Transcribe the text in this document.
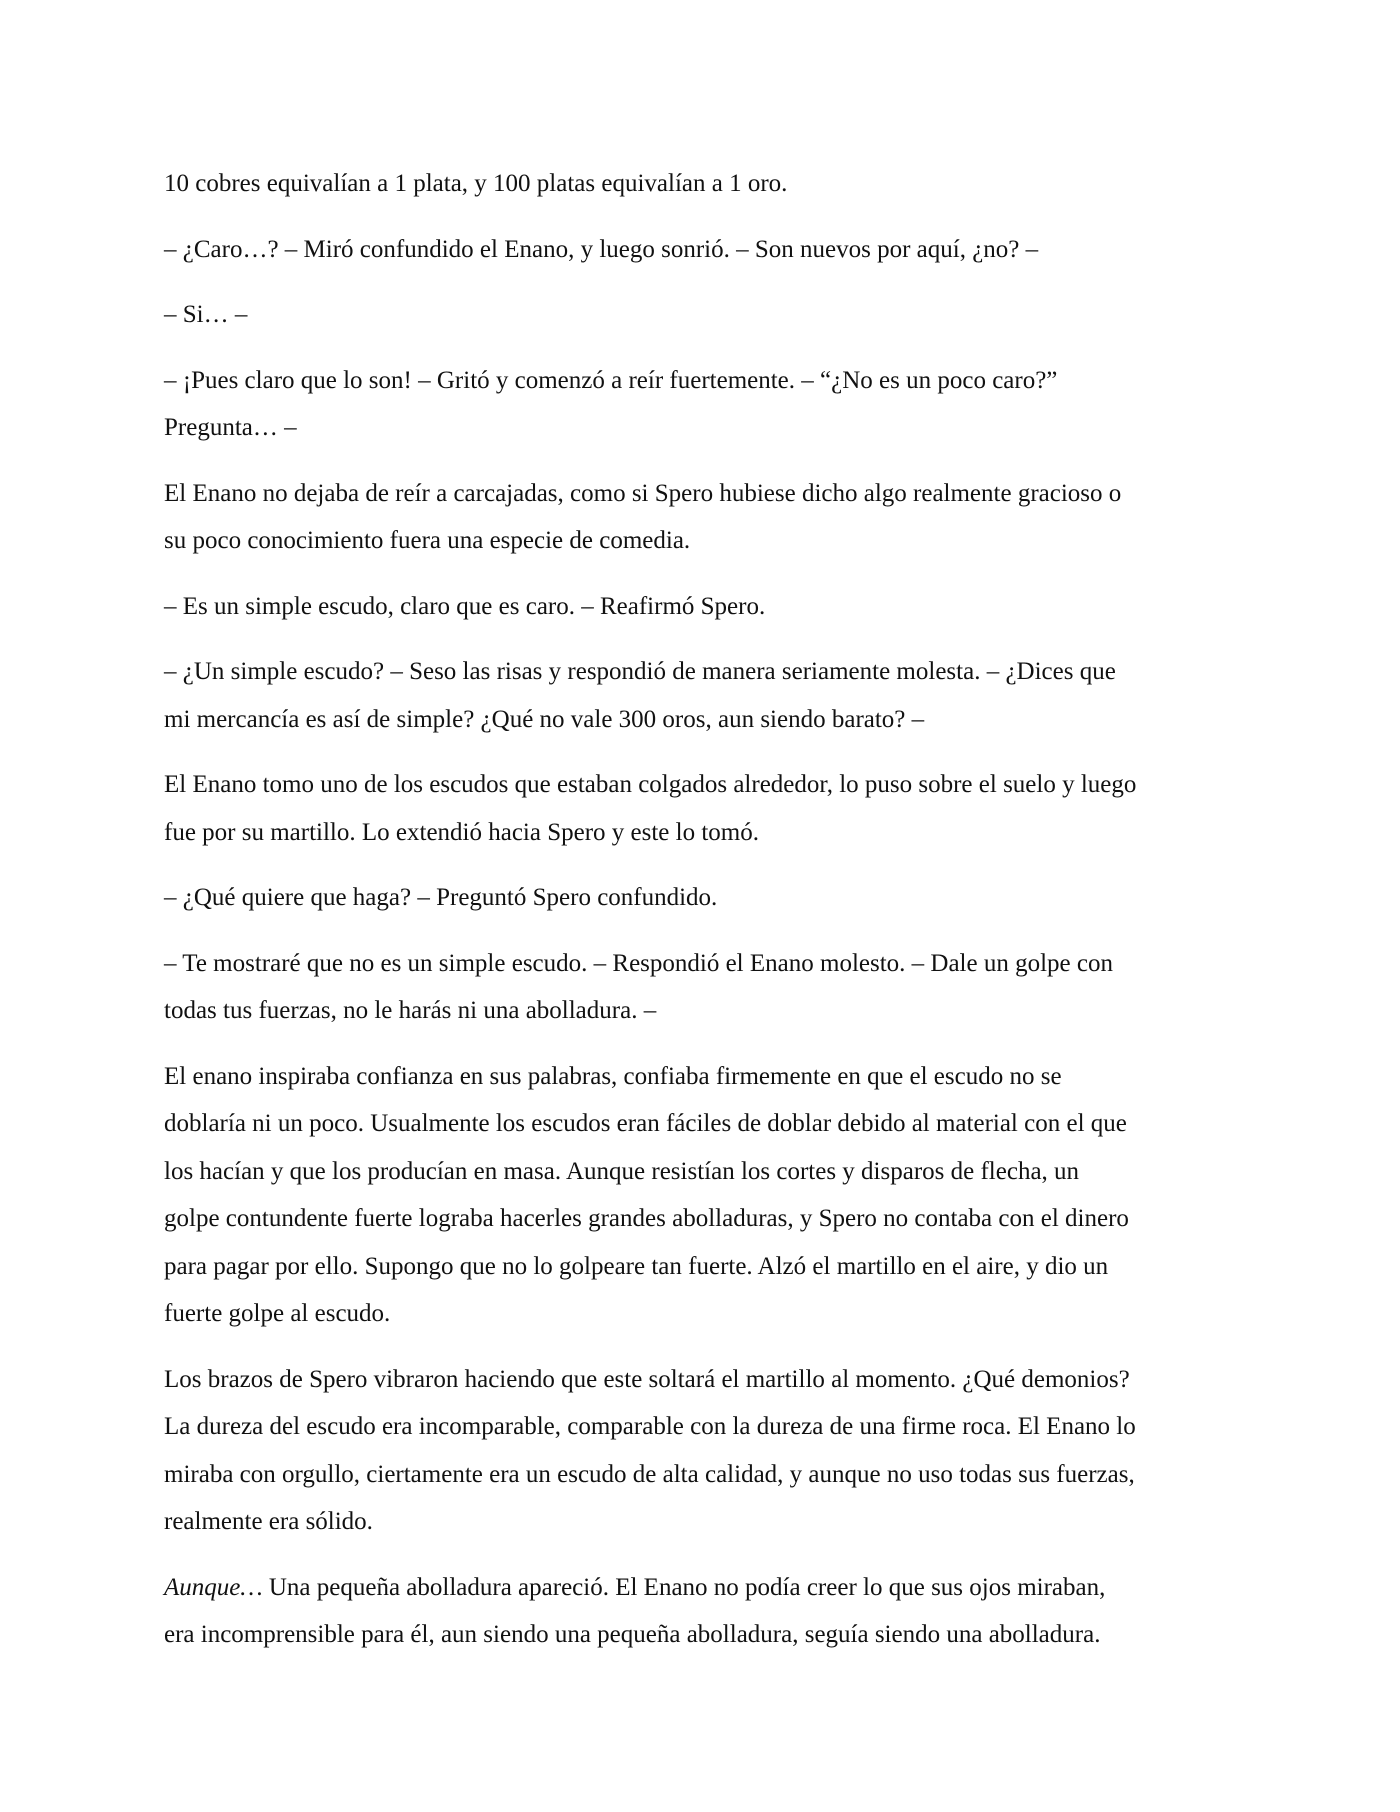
10 cobres equivalían a 1 plata, y 100 platas equivalían a 1 oro.

– ¿Caro…? – Miró confundido el Enano, y luego sonrió. – Son nuevos por aquí, ¿no? –

– Si… –

– ¡Pues claro que lo son! – Gritó y comenzó a reír fuertemente. – “¿No es un poco caro?”
Pregunta… –

El Enano no dejaba de reír a carcajadas, como si Spero hubiese dicho algo realmente gracioso o
su poco conocimiento fuera una especie de comedia.

– Es un simple escudo, claro que es caro. – Reafirmó Spero.

– ¿Un simple escudo? – Seso las risas y respondió de manera seriamente molesta. – ¿Dices que
mi mercancía es así de simple? ¿Qué no vale 300 oros, aun siendo barato? –

El Enano tomo uno de los escudos que estaban colgados alrededor, lo puso sobre el suelo y luego
fue por su martillo. Lo extendió hacia Spero y este lo tomó.

– ¿Qué quiere que haga? – Preguntó Spero confundido.

– Te mostraré que no es un simple escudo. – Respondió el Enano molesto. – Dale un golpe con
todas tus fuerzas, no le harás ni una abolladura. –

El enano inspiraba confianza en sus palabras, confiaba firmemente en que el escudo no se
doblaría ni un poco. Usualmente los escudos eran fáciles de doblar debido al material con el que
los hacían y que los producían en masa. Aunque resistían los cortes y disparos de flecha, un
golpe contundente fuerte lograba hacerles grandes abolladuras, y Spero no contaba con el dinero
para pagar por ello. Supongo que no lo golpeare tan fuerte. Alzó el martillo en el aire, y dio un
fuerte golpe al escudo.

Los brazos de Spero vibraron haciendo que este soltará el martillo al momento. ¿Qué demonios?
La dureza del escudo era incomparable, comparable con la dureza de una firme roca. El Enano lo
miraba con orgullo, ciertamente era un escudo de alta calidad, y aunque no uso todas sus fuerzas,
realmente era sólido.

Aunque… Una pequeña abolladura apareció. El Enano no podía creer lo que sus ojos miraban,
era incomprensible para él, aun siendo una pequeña abolladura, seguía siendo una abolladura.
